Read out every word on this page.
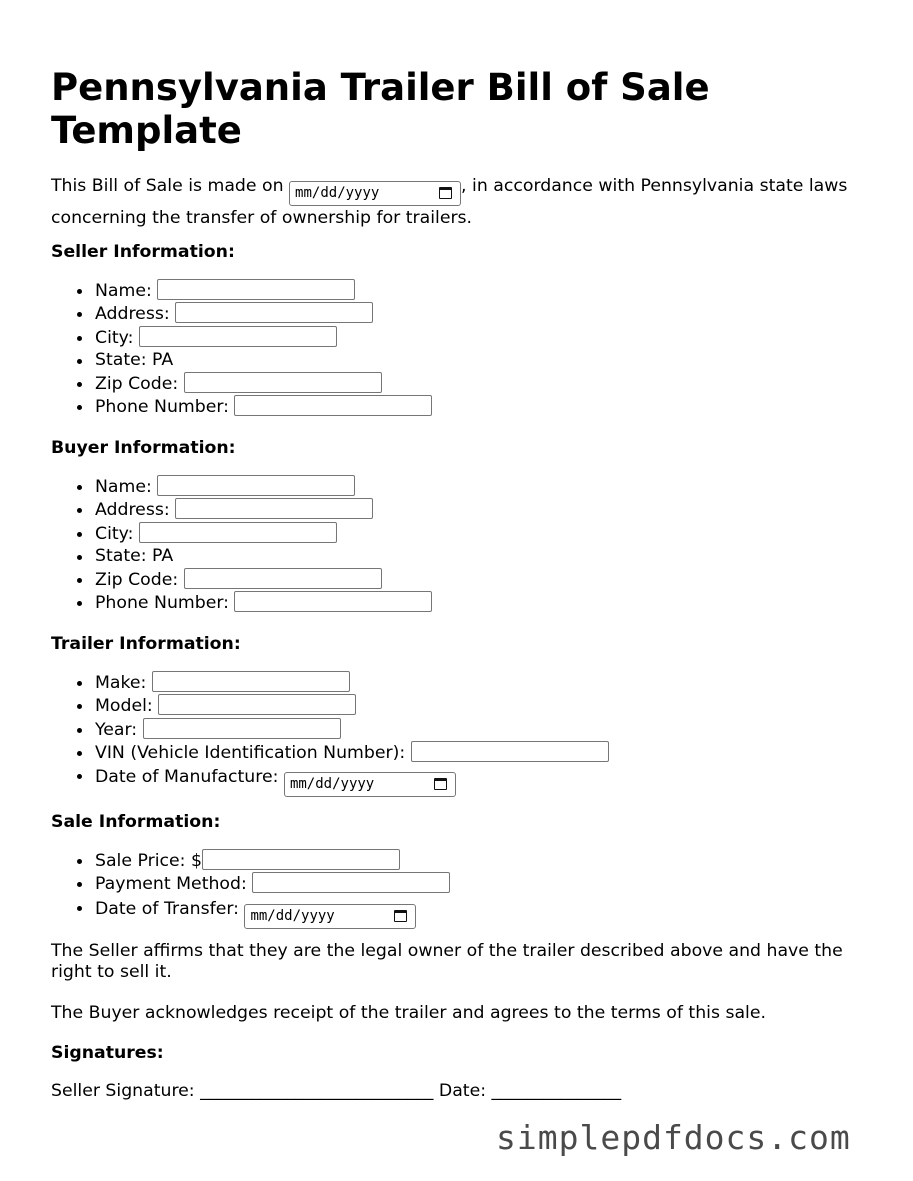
Pennsylvania Trailer Bill of Sale Template
This Bill of Sale is made on mm/dd/yyyy	, in accordance with Pennsylvania state laws concerning the transfer of ownership for trailers.
Seller Information:
Name:
Address:
City:
State: PA
Zip Code:
Phone Number:
Buyer Information:
Name:
Address:
City:
State: PA
Zip Code:
Phone Number:
Trailer Information:
Make:
Model:
Year:
VIN (Vehicle Identification Number):
Date of Manufacture: mm/dd/yyyy
Sale Information:
Sale Price: $
Payment Method:
Date of Transfer: mm/dd/yyyy
The Seller affirms that they are the legal owner of the trailer described above and have the right to sell it.
The Buyer acknowledges receipt of the trailer and agrees to the terms of this sale.
Signatures:
Seller Signature: ___________________________ Date: _______________
simplepdfdocs.com
